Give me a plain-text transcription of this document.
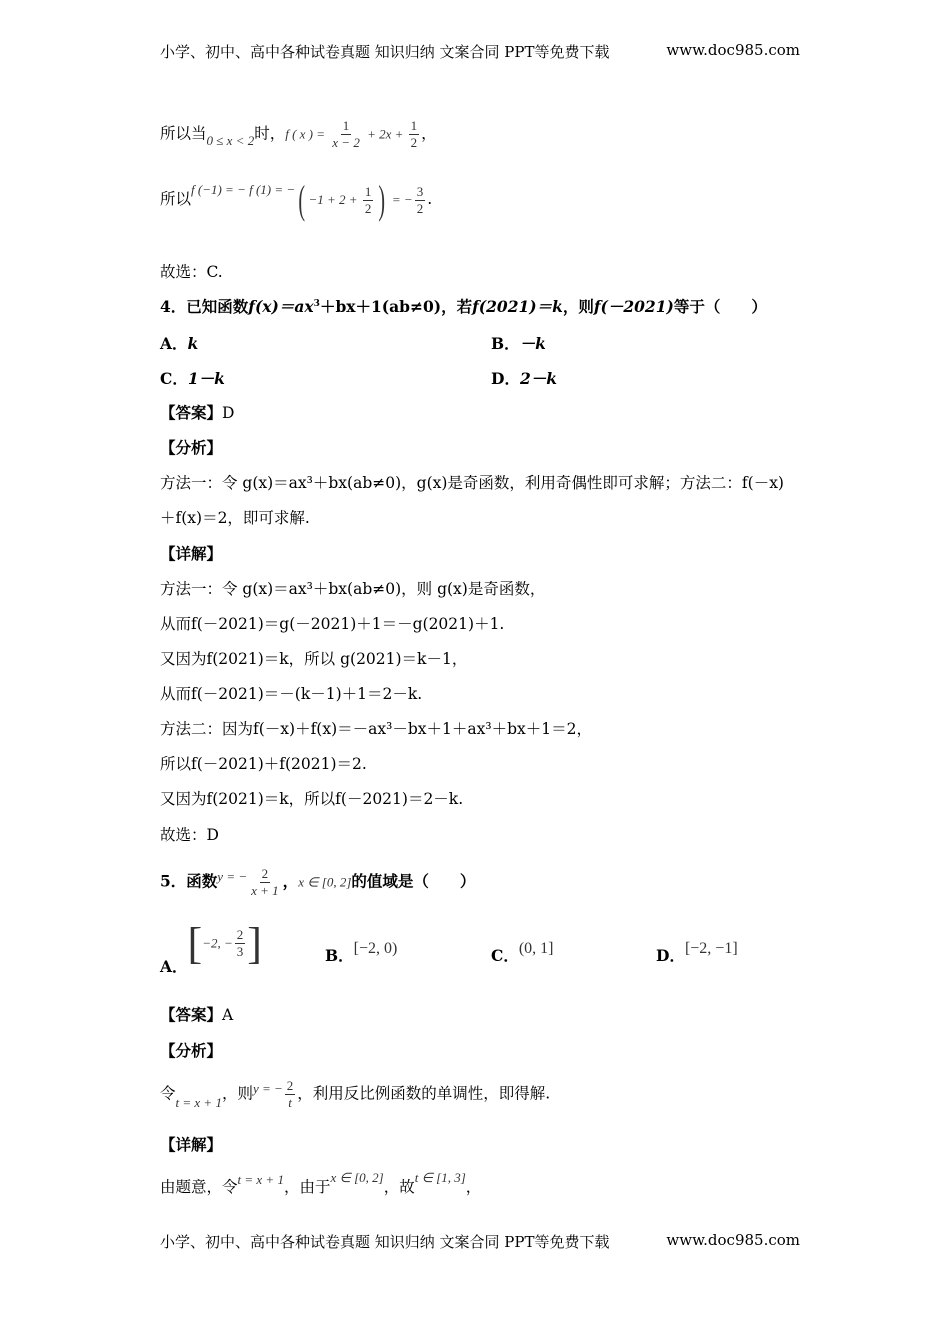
小学、初中、高中各种试卷真题 知识归纳 文案合同 PPT等免费下载	www.doc985.com
所以当$_{0 \le x < 2}$时，f ( x ) = $\frac{1}{x - 2} + 2x + \frac{1}{2}$ ，
所以$^{f (-1) = - f (1) = -}( -1 + 2 + \frac{1}{2}$ ) = − $\frac{3}{2}$ .
故选：C.
4．已知函数$f(x)=ax^3+bx+1(ab\ne 0)$，若f(2021)＝k，则f(－2021)等于（　　）
A．k	B．－k
C．1－k	D．2－k
【答案】D
【分析】
方法一：令 g(x)＝ax³＋bx(ab≠0)，g(x)是奇函数，利用奇偶性即可求解；方法二：f(－x)
＋f(x)＝2，即可求解.
【详解】
方法一：令 g(x)＝ax³＋bx(ab≠0)，则 g(x)是奇函数，
从而f(－2021)＝g(－2021)＋1＝－g(2021)＋1.
又因为f(2021)＝k，所以 g(2021)＝k－1，
从而f(－2021)＝－(k－1)＋1＝2－k.
方法二：因为f(－x)＋f(x)＝－ax³－bx＋1＋ax³＋bx＋1＝2，
所以f(－2021)＋f(2021)＝2.
又因为f(2021)＝k，所以f(－2021)＝2－k.
故选：D
5．函数$^{y = -} \frac{2}{x + 1}$ ，x ∈ [0, 2]的值域是（　　）
A．[−2, − $\frac{2}{3}$ ]	B．[−2, 0)	C．(0, 1]	D．[−2, −1]
【答案】A
【分析】
令$_{t = x + 1}$，则$^{y = -} \frac{2}{t}$ ，利用反比例函数的单调性，即得解.
【详解】
由题意，令$^{t = x + 1}$，由于$^{x \in [0, 2]}$，故$^{t \in [1, 3]}$，
小学、初中、高中各种试卷真题 知识归纳 文案合同 PPT等免费下载	www.doc985.com
